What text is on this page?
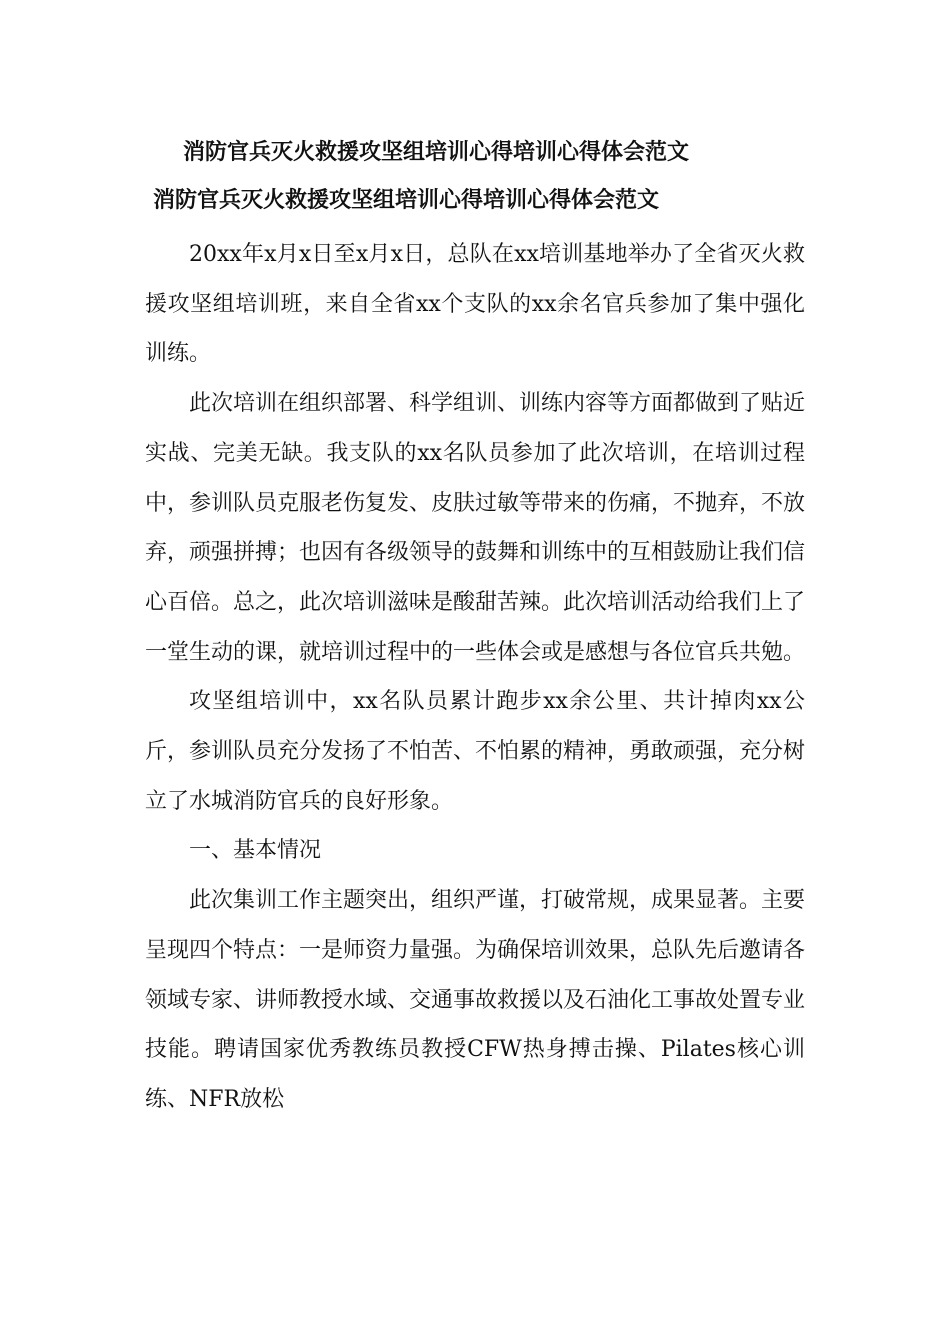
消防官兵灭火救援攻坚组培训心得培训心得体会范文
消防官兵灭火救援攻坚组培训心得培训心得体会范文

20xx年x月x日至x月x日，总队在xx培训基地举办了全省灭火救援攻坚组培训班，来自全省xx个支队的xx余名官兵参加了集中强化训练。

此次培训在组织部署、科学组训、训练内容等方面都做到了贴近实战、完美无缺。我支队的xx名队员参加了此次培训，在培训过程中，参训队员克服老伤复发、皮肤过敏等带来的伤痛，不抛弃，不放弃，顽强拼搏；也因有各级领导的鼓舞和训练中的互相鼓励让我们信心百倍。总之，此次培训滋味是酸甜苦辣。此次培训活动给我们上了一堂生动的课，就培训过程中的一些体会或是感想与各位官兵共勉。

攻坚组培训中，xx名队员累计跑步xx余公里、共计掉肉xx公斤，参训队员充分发扬了不怕苦、不怕累的精神，勇敢顽强，充分树立了水城消防官兵的良好形象。

一、基本情况

此次集训工作主题突出，组织严谨，打破常规，成果显著。主要呈现四个特点：一是师资力量强。为确保培训效果，总队先后邀请各领域专家、讲师教授水域、交通事故救援以及石油化工事故处置专业技能。聘请国家优秀教练员教授CFW热身搏击操、Pilates核心训练、NFR放松
